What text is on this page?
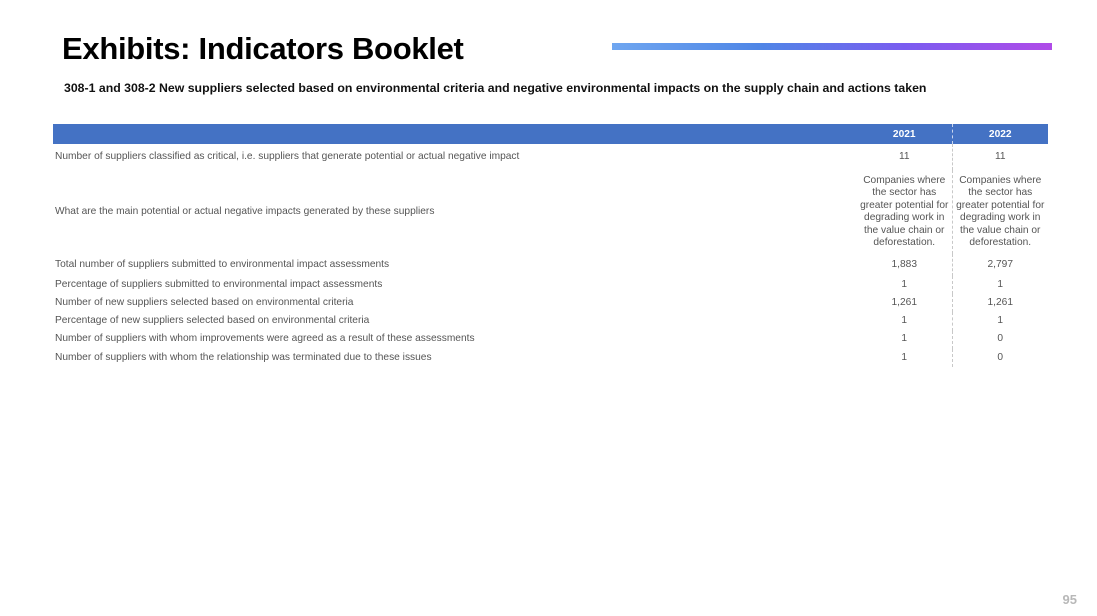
Exhibits: Indicators Booklet

308-1 and 308-2 New suppliers selected based on environmental criteria and negative environmental impacts on the supply chain and actions taken

	2021	2022
Number of suppliers classified as critical, i.e. suppliers that generate potential or actual negative impact	11	11
What are the main potential or actual negative impacts generated by these suppliers	Companies where the sector has greater potential for degrading work in the value chain or deforestation.	Companies where the sector has greater potential for degrading work in the value chain or deforestation.
Total number of suppliers submitted to environmental impact assessments	1,883	2,797
Percentage of suppliers submitted to environmental impact assessments	1	1
Number of new suppliers selected based on environmental criteria	1,261	1,261
Percentage of new suppliers selected based on environmental criteria	1	1
Number of suppliers with whom improvements were agreed as a result of these assessments	1	0
Number of suppliers with whom the relationship was terminated due to these issues	1	0
95
